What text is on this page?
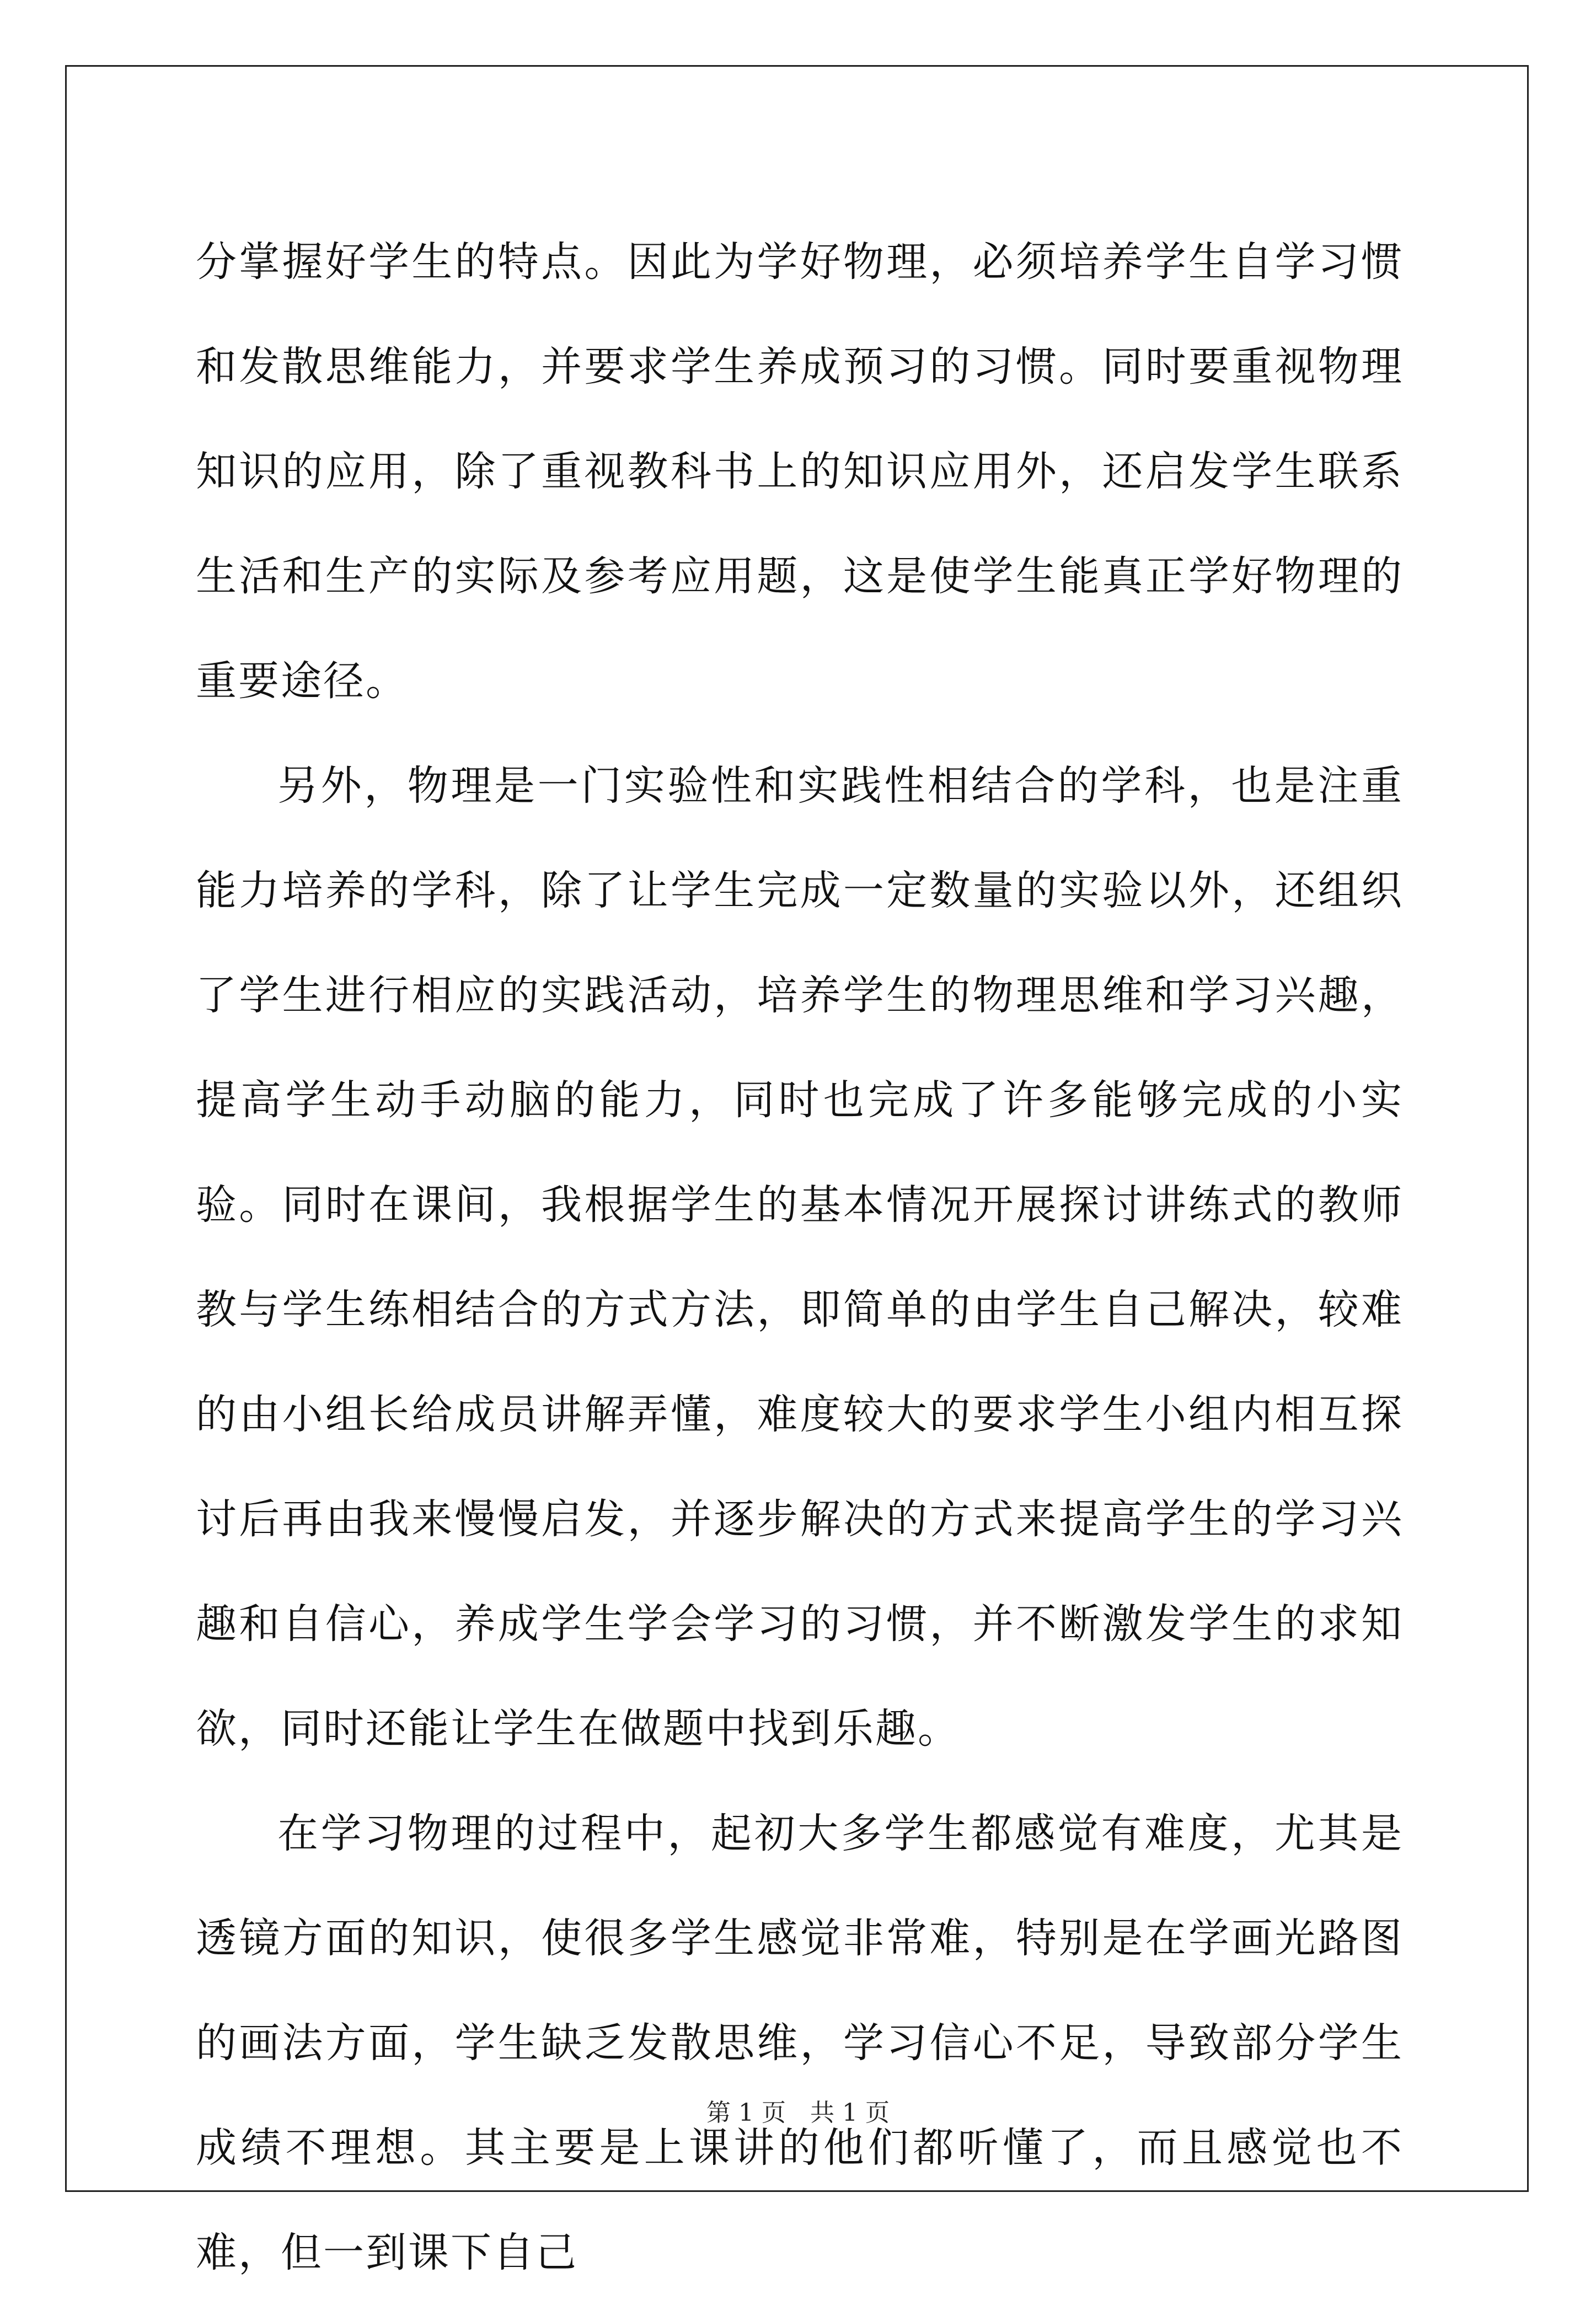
分掌握好学生的特点。因此为学好物理，必须培养学生自学习惯和发散思维能力，并要求学生养成预习的习惯。同时要重视物理知识的应用，除了重视教科书上的知识应用外，还启发学生联系生活和生产的实际及参考应用题，这是使学生能真正学好物理的重要途径。

另外，物理是一门实验性和实践性相结合的学科，也是注重能力培养的学科，除了让学生完成一定数量的实验以外，还组织了学生进行相应的实践活动，培养学生的物理思维和学习兴趣，提高学生动手动脑的能力，同时也完成了许多能够完成的小实验。同时在课间，我根据学生的基本情况开展探讨讲练式的教师教与学生练相结合的方式方法，即简单的由学生自己解决，较难的由小组长给成员讲解弄懂，难度较大的要求学生小组内相互探讨后再由我来慢慢启发，并逐步解决的方式来提高学生的学习兴趣和自信心，养成学生学会学习的习惯，并不断激发学生的求知欲，同时还能让学生在做题中找到乐趣。

在学习物理的过程中，起初大多学生都感觉有难度，尤其是透镜方面的知识，使很多学生感觉非常难，特别是在学画光路图的画法方面，学生缺乏发散思维，学习信心不足，导致部分学生成绩不理想。其主要是上课讲的他们都听懂了，而且感觉也不难，但一到课下自己

第 1 页　共 1 页
